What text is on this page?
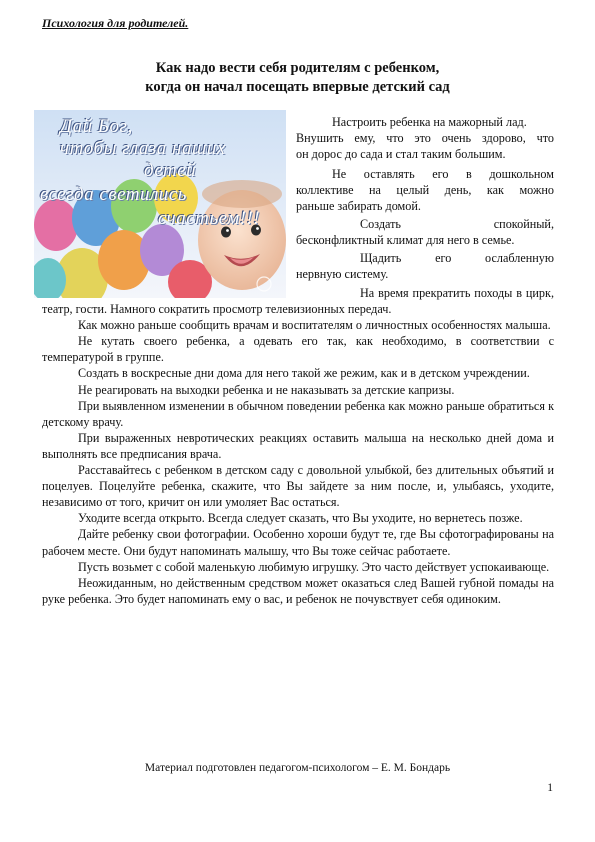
Психология для родителей.
Как надо вести себя родителям с ребенком,
когда он начал посещать впервые детский сад
Дай Бог,
чтобы глаза наших
детей
всегда светились
счастьем!!!
Настроить ребенка на мажорный лад.
Внушить ему, что это очень здорово, что
он дорос до сада и стал таким большим.
Не оставлять его в дошкольном
коллективе на целый день, как можно
раньше забирать домой.
Создать спокойный,
бесконфликтный климат для него в семье.
Щадить его ослабленную
нервную систему.

На время прекратить походы в цирк, театр, гости. Намного сократить просмотр телевизионных передач.

Как можно раньше сообщить врачам и воспитателям о личностных особенностях малыша.

Не кутать своего ребенка, а одевать его так, как необходимо, в соответствии с температурой в группе.

Создать в воскресные дни дома для него такой же режим, как и в детском учреждении.

Не реагировать на выходки ребенка и не наказывать за детские капризы.

При выявленном изменении в обычном поведении ребенка как можно раньше обратиться к детскому врачу.

При выраженных невротических реакциях оставить малыша на несколько дней дома и выполнять все предписания врача.

Расставайтесь с ребенком в детском саду с довольной улыбкой, без длительных объятий и поцелуев. Поцелуйте ребенка, скажите, что Вы зайдете за ним после, и, улыбаясь, уходите, независимо от того, кричит он или умоляет Вас остаться.

Уходите всегда открыто. Всегда следует сказать, что Вы уходите, но вернетесь позже.

Дайте ребенку свои фотографии. Особенно хороши будут те, где Вы сфотографированы на рабочем месте. Они будут напоминать малышу, что Вы тоже сейчас работаете.

Пусть возьмет с собой маленькую любимую игрушку. Это часто действует успокаивающе.

Неожиданным, но действенным средством может оказаться след Вашей губной помады на руке ребенка. Это будет напоминать ему о вас, и ребенок не почувствует себя одиноким.

Материал подготовлен педагогом-психологом – Е. М. Бондарь
1
